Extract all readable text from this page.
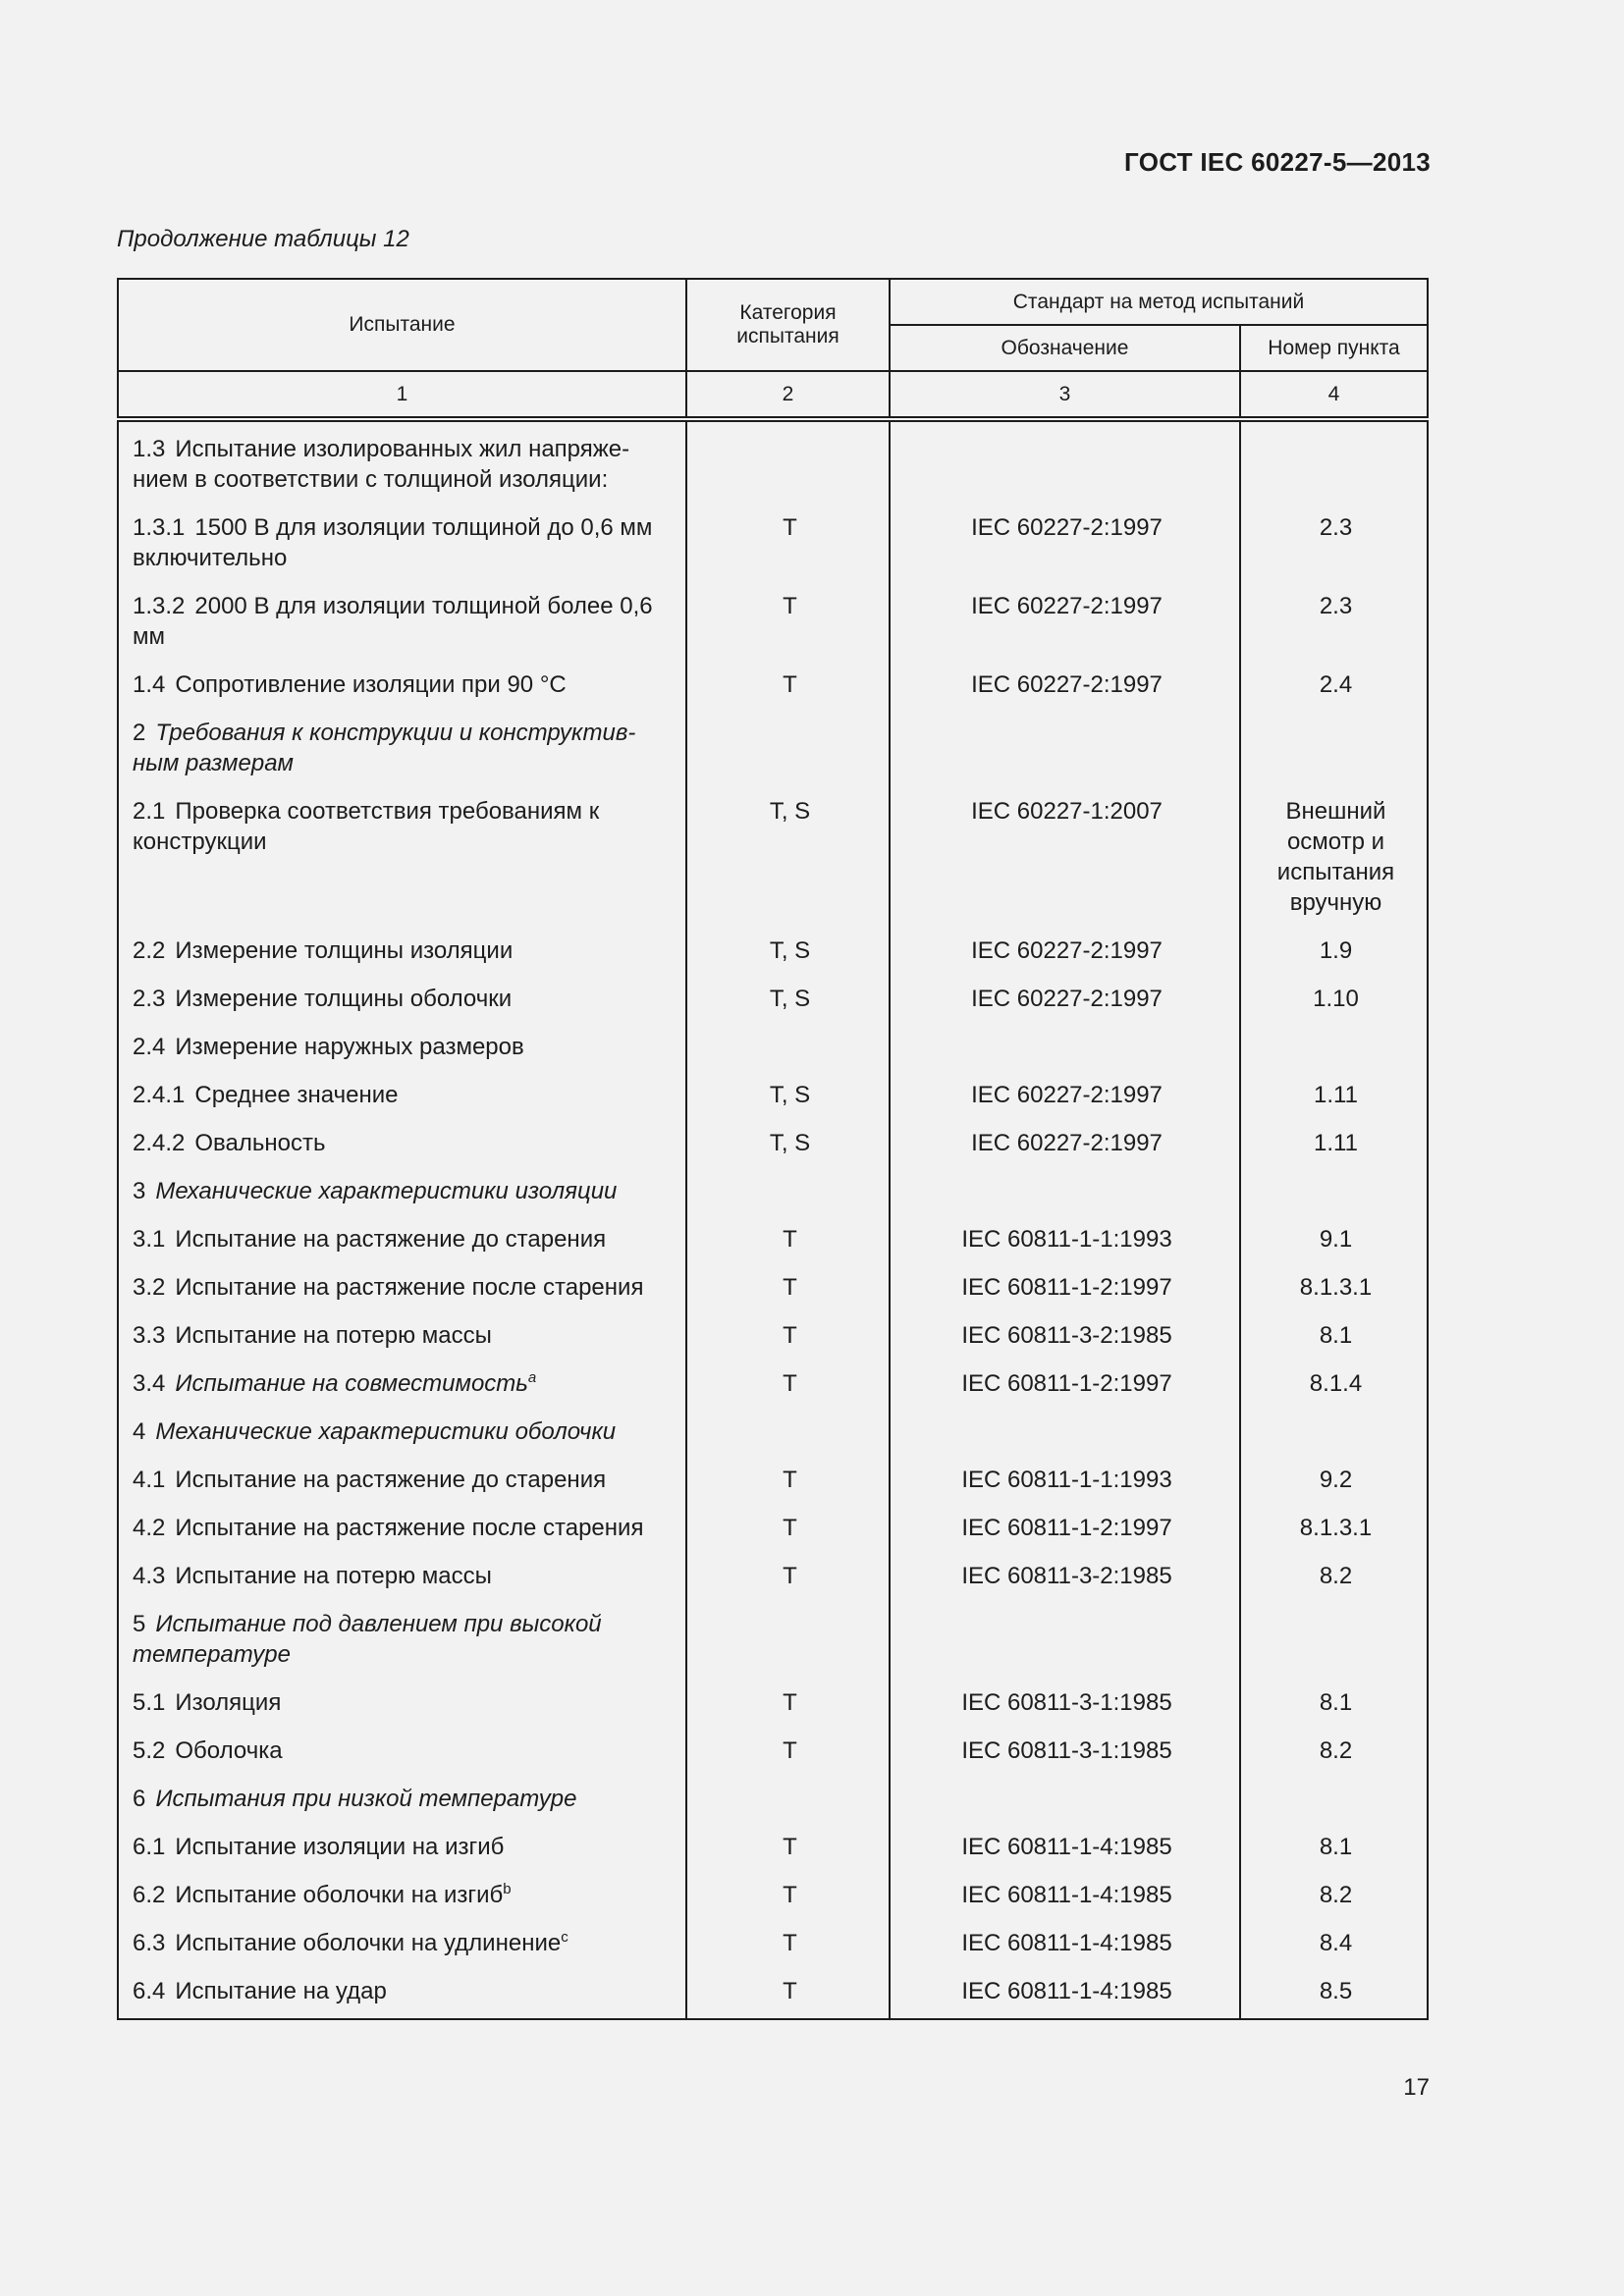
ГОСТ IEC 60227-5—2013
Продолжение таблицы 12
Испытание	Категория испытания	Стандарт на метод испытаний	
		Обозначение	Номер пункта
1	2	3	4
1.3 Испытание изолированных жил напряже-нием в соответствии с толщиной изоляции:			
1.3.1 1500 В для изоляции толщиной до 0,6 мм включительно	Т	IEC 60227-2:1997	2.3
1.3.2 2000 В для изоляции толщиной более 0,6 мм	Т	IEC 60227-2:1997	2.3
1.4 Сопротивление изоляции при 90 °С	Т	IEC 60227-2:1997	2.4
2 Требования к конструкции и конструктив-ным размерам			
2.1 Проверка соответствия требованиям к конструкции	Т, S	IEC 60227-1:2007	Внешний осмотр и испытания вручную
2.2 Измерение толщины изоляции	Т, S	IEC 60227-2:1997	1.9
2.3 Измерение толщины оболочки	Т, S	IEC 60227-2:1997	1.10
2.4 Измерение наружных размеров			
2.4.1 Среднее значение	Т, S	IEC 60227-2:1997	1.11
2.4.2 Овальность	Т, S	IEC 60227-2:1997	1.11
3 Механические характеристики изоляции			
3.1 Испытание на растяжение до старения	Т	IEC 60811-1-1:1993	9.1
3.2 Испытание на растяжение после старения	Т	IEC 60811-1-2:1997	8.1.3.1
3.3 Испытание на потерю массы	Т	IEC 60811-3-2:1985	8.1
3.4 Испытание на совместимость$^a$	Т	IEC 60811-1-2:1997	8.1.4
4 Механические характеристики оболочки			
4.1 Испытание на растяжение до старения	Т	IEC 60811-1-1:1993	9.2
4.2 Испытание на растяжение после старения	Т	IEC 60811-1-2:1997	8.1.3.1
4.3 Испытание на потерю массы	Т	IEC 60811-3-2:1985	8.2
5 Испытание под давлением при высокой температуре			
5.1 Изоляция	Т	IEC 60811-3-1:1985	8.1
5.2 Оболочка	Т	IEC 60811-3-1:1985	8.2
6 Испытания при низкой температуре			
6.1 Испытание изоляции на изгиб	Т	IEC 60811-1-4:1985	8.1
6.2 Испытание оболочки на изгиб$^b$	Т	IEC 60811-1-4:1985	8.2
6.3 Испытание оболочки на удлинение$^c$	Т	IEC 60811-1-4:1985	8.4
6.4 Испытание на удар	Т	IEC 60811-1-4:1985	8.5
17
